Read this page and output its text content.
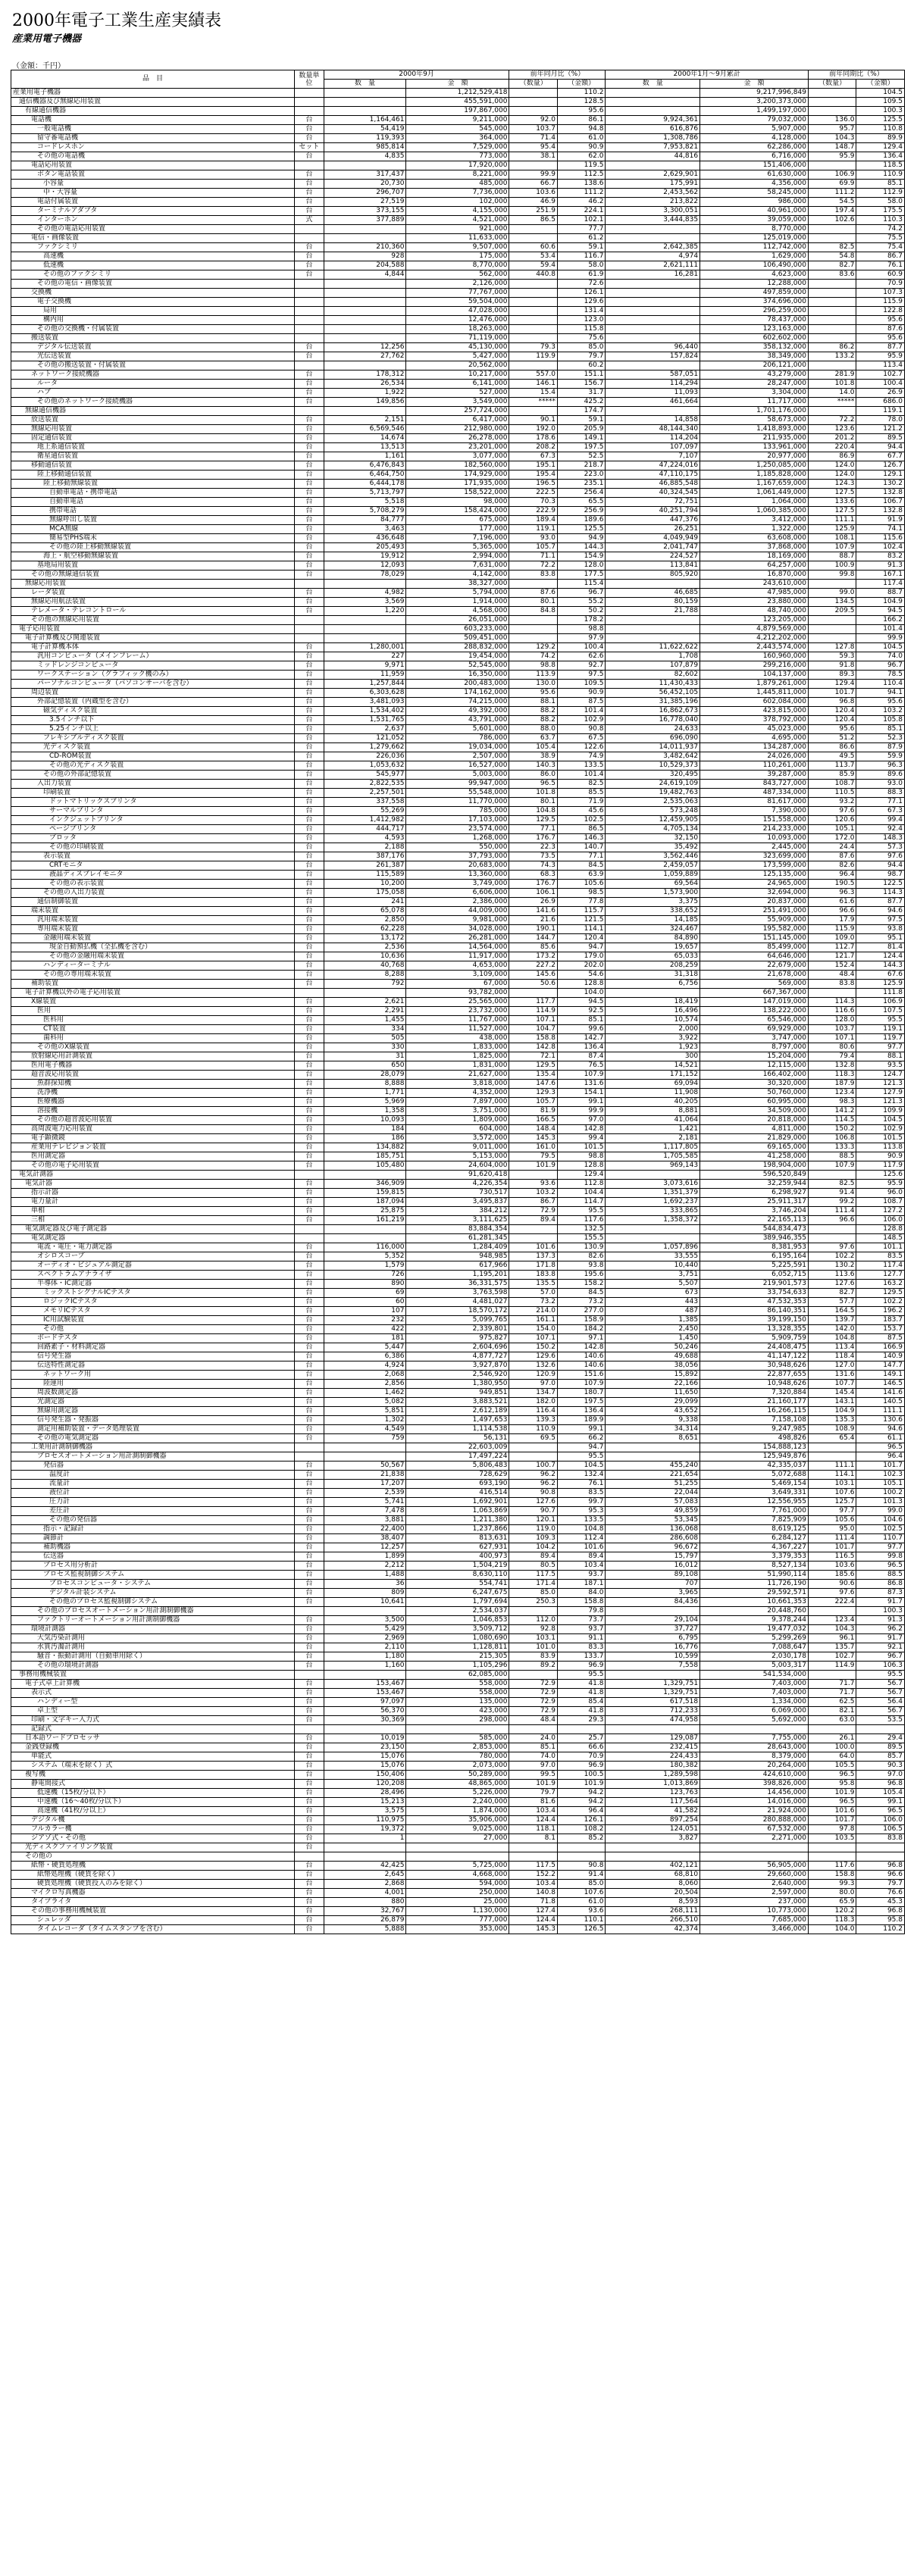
2000年電子工業生産実績表
産業用電子機器
（金額：千円）
品　目	数量単位	2000年9月		前年同月比（%）		2000年1月～9月累計		前年同期比（%）	
		数　量	金　額	（数量）	（金額）	数　量	金　額	（数量）	（金額）
産業用電子機器			1,212,529,418		110.2		9,217,996,849		104.5
通信機器及び無線応用装置			455,591,000		128.5		3,200,373,000		109.5
有線通信機器			197,867,000		95.6		1,499,197,000		100.3
電話機	台	1,164,461	9,211,000	92.0	86.1	9,924,361	79,032,000	136.0	125.5
一般電話機	台	54,419	545,000	103.7	94.8	616,876	5,907,000	95.7	110.8
留守番電話機	台	119,393	364,000	71.4	61.0	1,308,786	4,128,000	104.3	89.9
コードレスホン	セット	985,814	7,529,000	95.4	90.9	7,953,821	62,286,000	148.7	129.4
その他の電話機	台	4,835	773,000	38.1	62.0	44,816	6,716,000	95.9	136.4
電話応用装置			17,920,000		119.5		151,406,000		118.5
ボタン電話装置	台	317,437	8,221,000	99.9	112.5	2,629,901	61,630,000	106.9	110.9
小容量	台	20,730	485,000	66.7	138.6	175,991	4,356,000	69.9	85.1
中・大容量	台	296,707	7,736,000	103.6	111.2	2,453,562	58,245,000	111.2	112.9
電話付属装置	台	27,519	102,000	46.9	46.2	213,822	986,000	54.5	58.0
ターミナルアダプタ	台	373,155	4,155,000	251.9	224.1	3,300,051	40,961,000	197.4	175.5
インターホン	式	377,889	4,521,000	86.5	102.1	3,444,835	39,059,000	102.6	110.3
その他の電話応用装置			921,000		77.7		8,770,000		74.2
電信・画像装置			11,633,000		61.2		125,019,000		75.5
ファクシミリ	台	210,360	9,507,000	60.6	59.1	2,642,385	112,742,000	82.5	75.4
高速機	台	928	175,000	53.4	116.7	4,974	1,629,000	54.8	86.7
低速機	台	204,588	8,770,000	59.4	58.0	2,621,111	106,490,000	82.7	76.1
その他のファクシミリ	台	4,844	562,000	440.8	61.9	16,281	4,623,000	83.6	60.9
その他の電信・画像装置			2,126,000		72.6		12,288,000		70.9
交換機			77,767,000		126.1		497,859,000		107.3
電子交換機			59,504,000		129.6		374,696,000		115.9
局用			47,028,000		131.4		296,259,000		122.8
構内用			12,476,000		123.0		78,437,000		95.6
その他の交換機・付属装置			18,263,000		115.8		123,163,000		87.6
搬送装置			71,119,000		75.6		602,602,000		95.6
デジタル伝送装置	台	12,256	45,130,000	79.3	85.0	96,440	358,132,000	86.2	87.7
光伝送装置	台	27,762	5,427,000	119.9	79.7	157,824	38,349,000	133.2	95.9
その他の搬送装置・付属装置			20,562,000		60.2		206,121,000		113.4
ネットワーク接続機器	台	178,312	10,217,000	557.0	151.1	587,051	43,279,000	281.9	102.7
ルータ	台	26,534	6,141,000	146.1	156.7	114,294	28,247,000	101.8	100.4
ハブ	台	1,922	527,000	15.4	31.7	11,093	3,304,000	14.0	26.9
その他のネットワーク接続機器	台	149,856	3,549,000	*****	425.2	461,664	11,717,000	*****	686.0
無線通信機器			257,724,000		174.7		1,701,176,000		119.1
放送装置	台	2,151	6,417,000	90.1	59.1	14,858	58,673,000	72.2	78.0
無線応用装置	台	6,569,546	212,980,000	192.0	205.9	48,144,340	1,418,893,000	123.6	121.2
固定通信装置	台	14,674	26,278,000	178.6	149.1	114,204	211,935,000	201.2	89.5
地上系通信装置	台	13,513	23,201,000	208.2	197.5	107,097	133,961,000	220.4	94.4
衛星通信装置	台	1,161	3,077,000	67.3	52.5	7,107	20,977,000	86.9	67.7
移動通信装置	台	6,476,843	182,560,000	195.1	218.7	47,224,016	1,250,085,000	124.0	126.7
陸上移動通信装置	台	6,464,750	174,929,000	195.4	223.0	47,110,175	1,185,828,000	124.0	129.1
陸上移動無線装置	台	6,444,178	171,935,000	196.5	235.1	46,885,548	1,167,659,000	124.3	130.2
自動車電話・携帯電話	台	5,713,797	158,522,000	222.5	256.4	40,324,545	1,061,449,000	127.5	132.8
自動車電話	台	5,518	98,000	70.3	65.5	72,751	1,064,000	133.6	106.7
携帯電話	台	5,708,279	158,424,000	222.9	256.9	40,251,794	1,060,385,000	127.5	132.8
無線呼出し装置	台	84,777	675,000	189.4	189.6	447,376	3,412,000	111.1	91.9
MCA無線	台	3,463	177,000	119.1	125.5	26,251	1,322,000	125.9	74.1
簡易型PHS端末	台	436,648	7,196,000	93.0	94.9	4,049,949	63,608,000	108.1	115.6
その他の陸上移動無線装置	台	205,493	5,365,000	105.7	144.3	2,041,747	37,868,000	107.9	102.4
海上・航空移動無線装置	台	19,912	2,994,000	71.1	154.9	224,527	18,169,000	88.7	83.2
基地局用装置	台	12,093	7,631,000	72.2	128.0	113,841	64,257,000	100.9	91.3
その他の無線通信装置	台	78,029	4,142,000	83.8	177.5	805,920	16,870,000	99.8	167.1
無線応用装置			38,327,000		115.4		243,610,000		117.4
レーダ装置	台	4,982	5,794,000	87.6	96.7	46,685	47,985,000	99.0	88.7
無線応用航法装置	台	3,569	1,914,000	80.1	55.2	80,159	23,880,000	134.5	104.9
テレメータ・テレコントロール	台	1,220	4,568,000	84.8	50.2	21,788	48,740,000	209.5	94.5
その他の無線応用装置			26,051,000		178.2		123,205,000		166.2
電子応用装置			603,233,000		98.8		4,879,569,000		101.4
電子計算機及び関連装置			509,451,000		97.9		4,212,202,000		99.9
電子計算機本体	台	1,280,001	288,832,000	129.2	100.4	11,622,622	2,443,574,000	127.8	104.5
汎用コンピュータ（メインフレーム）	台	227	19,454,000	74.2	62.6	1,708	160,960,000	59.3	74.0
ミッドレンジコンピュータ	台	9,971	52,545,000	98.8	92.7	107,879	299,216,000	91.8	96.7
ワークステーション（グラフィック機のみ）	台	11,959	16,350,000	113.9	97.5	82,602	104,137,000	89.3	78.5
パーソナルコンピュータ（パソコンサーバを含む）	台	1,257,844	200,483,000	130.0	109.5	11,430,433	1,879,261,000	129.4	110.4
周辺装置	台	6,303,628	174,162,000	95.6	90.9	56,452,105	1,445,811,000	101.7	94.1
外部記憶装置（内蔵型を含む）	台	3,481,093	74,215,000	88.1	87.5	31,385,196	602,084,000	96.8	95.6
磁気ディスク装置	台	1,534,402	49,392,000	88.2	101.4	16,862,673	423,815,000	120.4	103.2
3.5インチ以下	台	1,531,765	43,791,000	88.2	102.9	16,778,040	378,792,000	120.4	105.8
5.25インチ以上	台	2,637	5,601,000	88.0	90.8	24,633	45,023,000	95.6	85.1
フレキシブルディスク装置	台	121,052	786,000	63.7	67.5	696,090	4,695,000	51.2	52.3
光ディスク装置	台	1,279,662	19,034,000	105.4	122.6	14,011,937	134,287,000	86.6	87.9
CD-ROM装置	台	226,036	2,507,000	38.9	74.9	3,482,642	24,026,000	49.5	59.9
その他の光ディスク装置	台	1,053,632	16,527,000	140.3	133.5	10,529,373	110,261,000	113.7	96.3
その他の外部記憶装置	台	545,977	5,003,000	86.0	101.4	320,495	39,287,000	85.9	89.6
入出力装置	台	2,822,535	99,947,000	96.5	82.5	24,619,109	843,727,000	108.7	93.0
印刷装置	台	2,257,501	55,548,000	101.8	85.5	19,482,763	487,334,000	110.5	88.3
ドットマトリックスプリンタ	台	337,558	11,770,000	80.1	71.9	2,535,063	81,617,000	93.2	77.1
サーマルプリンタ	台	55,269	785,000	104.8	45.6	573,248	7,390,000	97.6	67.3
インクジェットプリンタ	台	1,412,982	17,103,000	129.5	102.5	12,459,905	151,558,000	120.6	99.4
ページプリンタ	台	444,717	23,574,000	77.1	86.5	4,705,134	214,233,000	105.1	92.4
プロッタ	台	4,593	1,268,000	176.7	146.3	32,150	10,093,000	172.0	148.3
その他の印刷装置	台	2,188	550,000	22.3	140.7	35,492	2,445,000	24.4	57.3
表示装置	台	387,176	37,793,000	73.5	77.1	3,562,446	323,699,000	87.6	97.6
CRTモニタ	台	261,387	20,683,000	74.3	84.5	2,459,057	173,599,000	82.6	94.4
液晶ディスプレイモニタ	台	115,589	13,360,000	68.3	63.9	1,059,889	125,135,000	96.4	98.7
その他の表示装置	台	10,200	3,749,000	176.7	105.6	69,564	24,965,000	190.5	122.5
その他の入出力装置	台	175,058	6,606,000	106.1	98.5	1,573,900	32,694,000	96.3	114.3
通信制御装置	台	241	2,386,000	26.9	77.8	3,375	20,837,000	61.6	87.7
端末装置	台	65,078	44,009,000	141.6	115.7	338,652	251,491,000	96.6	94.6
汎用端末装置	台	2,850	9,981,000	21.6	121.5	14,185	55,909,000	17.9	97.5
専用端末装置	台	62,228	34,028,000	190.1	114.1	324,467	195,582,000	115.9	93.8
金融用端末装置	台	13,172	26,281,000	144.7	120.4	84,890	151,145,000	109.0	95.1
現金自動預払機（全払機を含む）	台	2,536	14,564,000	85.6	94.7	19,657	85,499,000	112.7	81.4
その他の金融用端末装置	台	10,636	11,917,000	173.2	179.0	65,033	64,646,000	121.7	124.4
ハンディーターミナル	台	40,768	4,653,000	227.2	202.0	208,259	22,679,000	152.4	144.3
その他の専用端末装置	台	8,288	3,109,000	145.6	54.6	31,318	21,678,000	48.4	67.6
補助装置	台	792	67,000	50.6	128.8	6,756	569,000	83.8	125.9
電子計算機以外の電子応用装置			93,782,000		104.0		667,367,000		111.8
X線装置	台	2,621	25,565,000	117.7	94.5	18,419	147,019,000	114.3	106.9
医用	台	2,291	23,732,000	114.9	92.5	16,496	138,222,000	116.6	107.5
医科用	台	1,455	11,767,000	107.1	85.1	10,574	65,546,000	128.0	95.5
CT装置	台	334	11,527,000	104.7	99.6	2,000	69,929,000	103.7	119.1
歯科用	台	505	438,000	158.8	142.7	3,922	3,747,000	107.1	119.7
その他のX線装置	台	330	1,833,000	142.8	136.4	1,923	8,797,000	80.6	97.7
放射線応用計測装置	台	31	1,825,000	72.1	87.4	300	15,204,000	79.4	88.1
医用電子機器	台	650	1,831,000	129.5	76.5	14,521	12,115,000	132.8	93.5
超音波応用装置	台	28,079	21,627,000	135.4	107.9	171,152	166,402,000	118.3	124.7
魚群探知機	台	8,888	3,818,000	147.6	131.6	69,094	30,320,000	187.9	121.3
洗浄機	台	1,771	4,352,000	129.3	154.1	11,908	50,760,000	123.4	127.9
医療機器	台	5,969	7,897,000	105.7	99.1	40,205	60,995,000	98.3	121.3
溶接機	台	1,358	3,751,000	81.9	99.9	8,881	34,509,000	141.2	109.9
その他の超音波応用装置	台	10,093	1,809,000	166.5	97.0	41,064	20,818,000	114.5	104.5
高周波電力応用装置	台	184	604,000	148.4	142.8	1,421	4,811,000	150.2	102.9
電子顕微鏡	台	186	3,572,000	145.3	99.4	2,181	21,829,000	106.8	101.5
産業用テレビジョン装置	台	134,882	9,011,000	161.0	101.5	1,117,805	69,165,000	133.3	113.8
医用測定器	台	185,751	5,153,000	79.5	98.8	1,705,585	41,258,000	88.5	90.9
その他の電子応用装置	台	105,480	24,604,000	101.9	128.8	969,143	198,904,000	107.9	117.9
電気計測器			91,620,418		129.4		596,520,849		125.6
電気計器	台	346,909	4,226,354	93.6	112.8	3,073,616	32,259,944	82.5	95.9
指示計器	台	159,815	730,517	103.2	104.4	1,351,379	6,298,927	91.4	96.0
電力量計	台	187,094	3,495,837	86.7	114.7	1,692,237	25,911,317	99.2	108.7
単相	台	25,875	384,212	72.9	95.5	333,865	3,746,204	111.4	127.2
三相	台	161,219	3,111,625	89.4	117.6	1,358,372	22,165,113	96.6	106.0
電気測定器及び電子測定器			83,884,354		132.5		544,834,473		128.8
電気測定器			61,281,345		155.5		389,946,355		148.5
電流・電圧・電力測定器	台	116,000	1,284,409	101.6	130.9	1,057,896	8,381,953	97.6	101.1
オシロスコープ	台	5,352	948,985	137.3	82.6	33,555	6,195,164	102.2	83.5
オーディオ・ビジュアル測定器	台	1,579	617,966	171.8	93.8	10,440	5,225,591	130.2	117.4
スペクトラムアナライザ	台	726	1,195,201	183.8	195.6	3,751	6,052,715	113.6	127.7
半導体・IC測定器	台	890	36,331,575	135.5	158.2	5,507	219,901,573	127.6	163.2
ミックストシグナルICテスタ	台	69	3,763,598	57.0	84.5	673	33,754,633	82.7	129.5
ロジックICテスタ	台	60	4,481,027	73.2	73.2	443	47,532,353	57.7	102.2
メモリICテスタ	台	107	18,570,172	214.0	277.0	487	86,140,351	164.5	196.2
IC用試験装置	台	232	5,099,765	161.1	158.9	1,385	39,199,150	139.7	183.7
その他	台	422	2,339,801	154.0	184.2	2,450	13,328,355	142.0	153.7
ボードテスタ	台	181	975,827	107.1	97.1	1,450	5,909,759	104.8	87.5
回路素子・材料測定器	台	5,447	2,604,696	150.2	142.8	50,246	24,408,475	113.4	166.9
信号発生器	台	6,386	4,877,727	129.6	140.6	49,688	41,147,122	118.4	140.9
伝送特性測定器	台	4,924	3,927,870	132.6	140.6	38,056	30,948,626	127.0	147.7
ネットワーク用	台	2,068	2,546,920	120.9	151.6	15,892	22,877,655	131.6	149.1
陸運用	台	2,856	1,380,950	97.0	107.9	22,166	10,948,626	107.7	146.5
周波数測定器	台	1,462	949,851	134.7	180.7	11,650	7,320,884	145.4	141.6
光測定器	台	5,082	3,883,521	182.0	197.5	29,099	21,160,177	143.1	140.5
無線用測定器	台	5,851	2,612,189	116.4	136.4	43,652	16,266,115	104.9	111.1
信号発生器・発振器	台	1,302	1,497,653	139.3	189.9	9,338	7,158,108	135.3	130.6
測定用補助装置・データ処理装置	台	4,549	1,114,538	110.9	99.1	34,314	9,247,985	108.9	94.6
その他の電気測定器	台	759	56,131	69.5	66.2	8,651	498,826	65.4	61.1
工業用計測制御機器			22,603,009		94.7		154,888,123		96.5
プロセスオートメーション用計測制御機器			17,497,224		95.5		125,949,876		96.4
発信器	台	50,567	5,806,483	100.7	104.5	455,240	42,335,037	111.1	101.7
温度計	台	21,838	728,629	96.2	132.4	221,654	5,072,688	114.1	102.3
流量計	台	17,207	693,190	96.2	76.1	51,255	5,469,154	103.1	105.1
液位計	台	2,539	416,514	90.8	83.5	22,044	3,649,331	107.6	100.2
圧力計	台	5,741	1,692,901	127.6	99.7	57,083	12,556,955	125.7	101.3
差圧計	台	7,478	1,063,869	90.7	95.3	49,859	7,761,000	97.7	99.0
その他の発信器	台	3,881	1,211,380	120.1	133.5	53,345	7,825,909	105.6	104.6
指示・記録計	台	22,400	1,237,866	119.0	104.8	136,068	8,619,125	95.0	102.5
調節計	台	38,407	813,631	109.3	112.4	286,608	6,284,127	111.4	110.7
補助機器	台	12,257	627,931	104.2	101.6	96,672	4,367,227	101.7	97.7
伝送器	台	1,899	400,973	89.4	89.4	15,797	3,379,353	116.5	99.8
プロセス用分析計	台	2,212	1,504,219	80.5	103.4	16,012	8,527,134	103.6	96.5
プロセス監視制御システム	台	1,488	8,630,110	117.5	93.7	89,108	51,990,114	185.6	88.5
プロセスコンピュータ・システム	台	36	554,741	171.4	187.1	707	11,726,190	90.6	86.8
デジタル計装システム	台	809	6,247,675	85.0	84.0	3,965	29,592,571	97.6	87.3
その他のプロセス監視制御システム	台	10,641	1,797,694	250.3	158.8	84,436	10,661,353	222.4	91.7
その他のプロセスオートメーション用計測制御機器			2,534,037		79.8		20,448,760		100.3
ファクトリーオートメーション用計測制御機器	台	3,500	1,046,853	112.0	73.7	29,104	9,378,244	123.4	91.3
環境計測器	台	5,429	3,509,712	92.8	93.7	37,727	19,477,032	104.3	96.2
大気汚染計測用	台	2,969	1,080,690	103.1	91.1	6,795	5,299,269	96.1	91.7
水質汚濁計測用	台	2,110	1,128,811	101.0	83.3	16,776	7,088,647	135.7	92.1
騒音・振動計測用（自動車用除く）	台	1,180	215,305	83.9	133.7	10,599	2,030,178	102.7	96.7
その他の環境計測器	台	1,160	1,105,296	89.2	96.9	7,558	5,003,317	114.9	106.3
事務用機械装置			62,085,000		95.5		541,534,000		95.5
電子式卓上計算機	台	153,467	558,000	72.9	41.8	1,329,751	7,403,000	71.7	56.7
表示式	台	153,467	558,000	72.9	41.8	1,329,751	7,403,000	71.7	56.7
ハンディー型	台	97,097	135,000	72.9	85.4	617,518	1,334,000	62.5	56.4
卓上型	台	56,370	423,000	72.9	41.8	712,233	6,069,000	82.1	56.7
印刷・文字キー入力式	台	30,369	298,000	48.4	29.3	474,958	5,692,000	63.0	53.5
記録式									
日本語ワードプロセッサ	台	10,019	585,000	24.0	25.7	129,087	7,755,000	26.1	29.4
金銭登録機	台	23,150	2,853,000	85.1	66.6	232,415	28,643,000	100.0	89.5
単能式	台	15,076	780,000	74.0	70.9	224,433	8,379,000	64.0	85.7
システム（端末を除く）式	台	15,076	2,073,000	97.0	96.9	180,382	20,264,000	105.5	90.3
複写機	台	150,406	50,289,000	99.5	100.5	1,289,598	424,610,000	96.5	97.0
静電間接式	台	120,208	48,865,000	101.9	101.9	1,013,869	398,826,000	95.8	96.8
低速機（15枚/分以下）	台	28,496	5,226,000	79.7	94.2	123,763	14,456,000	101.9	105.4
中速機（16～40枚/分以下）	台	15,213	2,240,000	81.6	94.2	117,564	14,016,000	96.5	99.1
高速機（41枚/分以上）	台	3,575	1,874,000	103.4	96.4	41,582	21,924,000	101.6	96.5
デジタル機	台	110,975	35,906,000	124.4	126.1	897,254	280,888,000	101.7	106.0
フルカラー機	台	19,372	9,025,000	118.1	108.2	124,051	67,532,000	97.8	106.5
ジアゾ式・その他	台	1	27,000	8.1	85.2	3,827	2,271,000	103.5	83.8
光ディスクファイリング装置	台								
その他の									
紙幣・硬貨処理機	台	42,425	5,725,000	117.5	90.8	402,121	56,905,000	117.6	96.8
紙幣処理機（硬貨を除く）	台	2,645	4,668,000	152.2	91.4	68,810	29,660,000	158.8	96.6
硬貨処理機（硬貨投入のみを除く）	台	2,868	594,000	103.4	85.0	8,060	2,640,000	99.3	79.7
マイクロ写真機器	台	4,001	250,000	140.8	107.6	20,504	2,597,000	80.0	76.6
タイプライタ	台	880	25,000	71.8	61.0	8,593	237,000	65.9	45.3
その他の事務用機械装置	台	32,767	1,130,000	127.4	93.6	268,111	10,773,000	120.2	96.8
シュレッダ	台	26,879	777,000	124.4	110.1	266,510	7,685,000	118.3	95.8
タイムレコーダ（タイムスタンプを含む）	台	5,888	353,000	145.3	126.5	42,374	3,466,000	104.0	110.2
